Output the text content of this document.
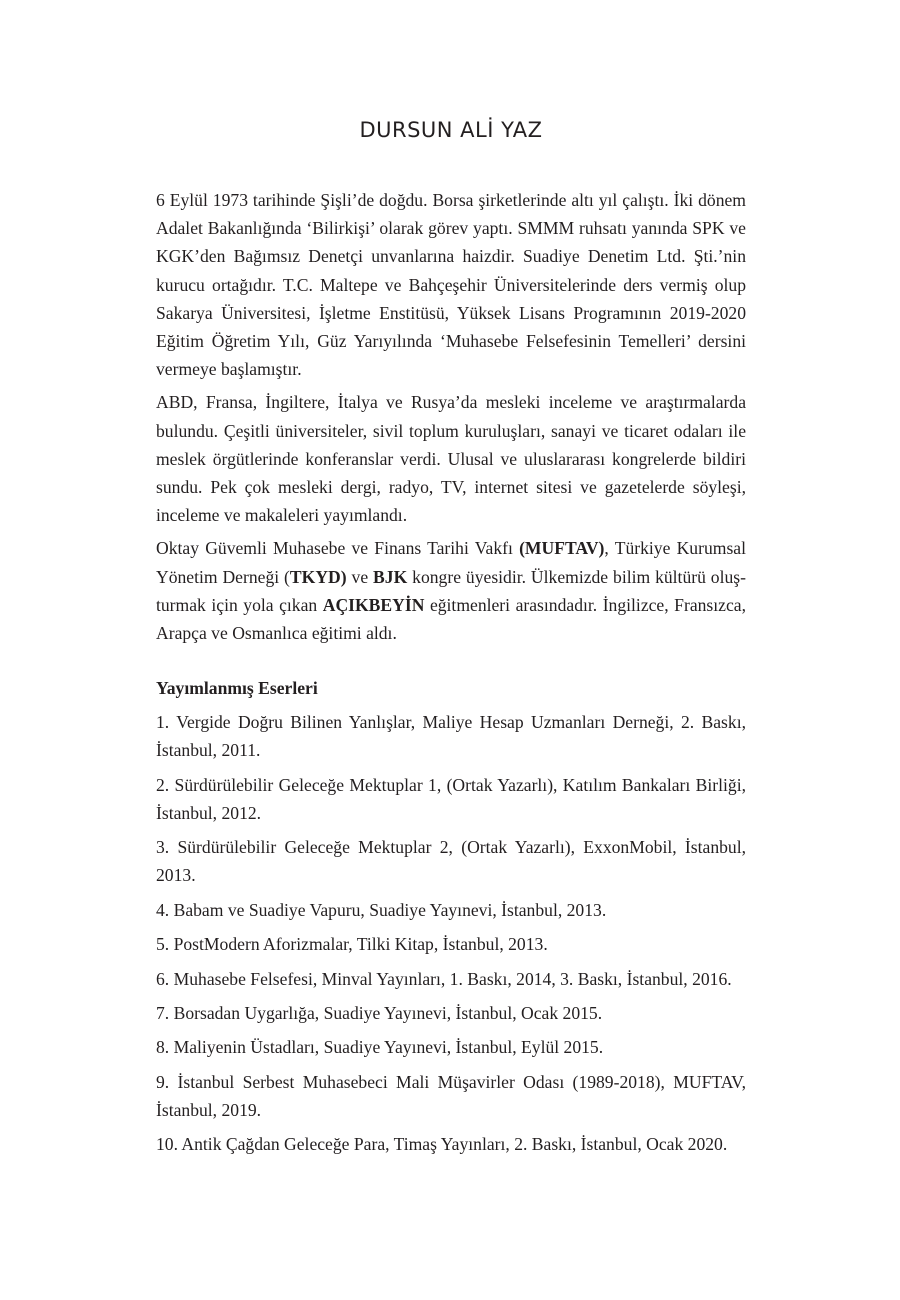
DURSUN ALİ YAZ

6 Eylül 1973 tarihinde Şişli’de doğdu. Borsa şirketlerinde altı yıl çalıştı. İki dönem Adalet Bakanlığında ‘Bilirkişi’ olarak görev yaptı. SMMM ruhsatı yanında SPK ve KGK’den Bağımsız Denetçi unvanlarına haizdir. Suadiye Denetim Ltd. Şti.’nin kurucu ortağıdır. T.C. Maltepe ve Bahçeşehir Üniversitelerinde ders vermiş olup Sakarya Üniversitesi, İşletme Enstitüsü, Yüksek Lisans Programının 2019-2020 Eğitim Öğretim Yılı, Güz Yarıyılında ‘Muhasebe Felsefesinin Temelleri’ dersini vermeye başlamıştır.

ABD, Fransa, İngiltere, İtalya ve Rusya’da mesleki inceleme ve araştırmalarda bulundu. Çeşitli üniversiteler, sivil toplum kuruluşları, sanayi ve ticaret odaları ile meslek örgütlerinde konferanslar verdi. Ulusal ve uluslararası kongrelerde bildiri sundu. Pek çok mesleki dergi, radyo, TV, internet sitesi ve gazetelerde söyleşi, inceleme ve makaleleri yayımlandı.

Oktay Güvemli Muhasebe ve Finans Tarihi Vakfı (MUFTAV), Türkiye Kurumsal Yönetim Derneği (TKYD) ve BJK kongre üyesidir. Ülkemizde bilim kültürü oluş-turmak için yola çıkan AÇIKBEYİN eğitmenleri arasındadır. İngilizce, Fransızca, Arapça ve Osmanlıca eğitimi aldı.

Yayımlanmış Eserleri
1. Vergide Doğru Bilinen Yanlışlar, Maliye Hesap Uzmanları Derneği, 2. Baskı, İstanbul, 2011.
2. Sürdürülebilir Geleceğe Mektuplar 1, (Ortak Yazarlı), Katılım Bankaları Birliği, İstanbul, 2012.
3. Sürdürülebilir Geleceğe Mektuplar 2, (Ortak Yazarlı), ExxonMobil, İstanbul, 2013.
4. Babam ve Suadiye Vapuru, Suadiye Yayınevi, İstanbul, 2013.
5. PostModern Aforizmalar, Tilki Kitap, İstanbul, 2013.
6. Muhasebe Felsefesi, Minval Yayınları, 1. Baskı, 2014, 3. Baskı, İstanbul, 2016.
7. Borsadan Uygarlığa, Suadiye Yayınevi, İstanbul, Ocak 2015.
8. Maliyenin Üstadları, Suadiye Yayınevi, İstanbul, Eylül 2015.
9. İstanbul Serbest Muhasebeci Mali Müşavirler Odası (1989-2018), MUFTAV, İstanbul, 2019.
10. Antik Çağdan Geleceğe Para, Timaş Yayınları, 2. Baskı, İstanbul, Ocak 2020.
